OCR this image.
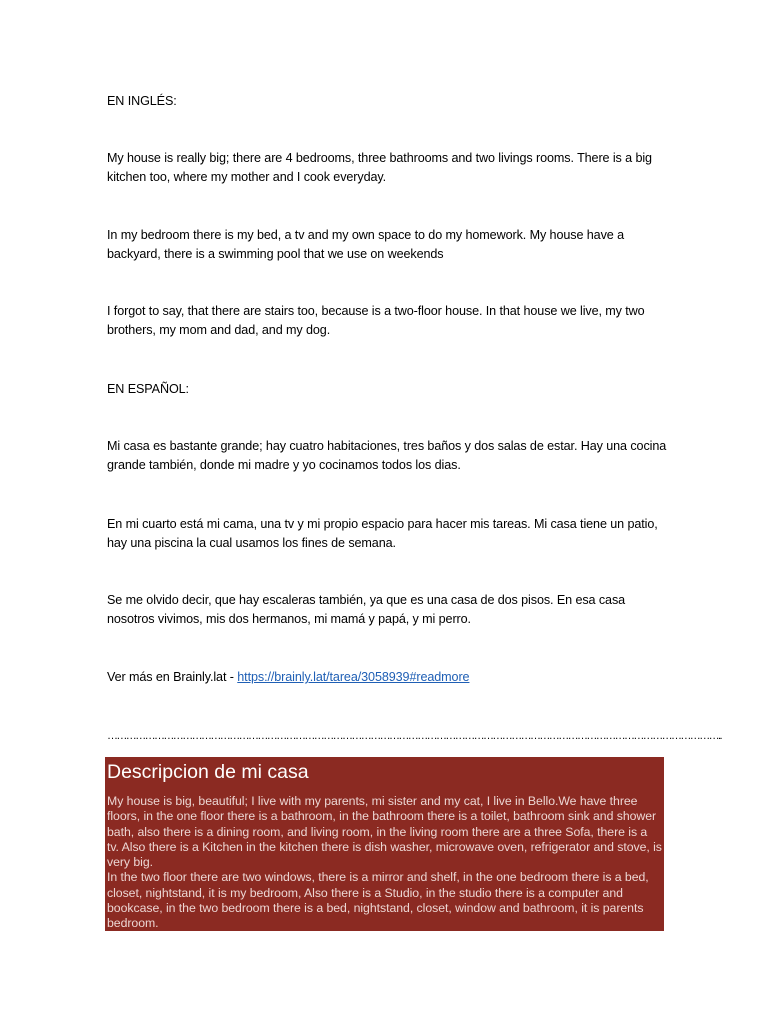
EN INGLÉS:

My house is really big; there are 4 bedrooms, three bathrooms and two livings rooms. There is a big kitchen too, where my mother and I cook everyday.

In my bedroom there is my bed, a tv and my own space to do my homework. My house have a backyard, there is a swimming pool that we use on weekends

I forgot to say, that there are stairs too, because is a two-floor house. In that house we live, my two brothers, my mom and dad, and my dog.

EN ESPAÑOL:

Mi casa es bastante grande; hay cuatro habitaciones, tres baños y dos salas de estar. Hay una cocina grande también, donde mi madre y yo cocinamos todos los dias.

En mi cuarto está mi cama, una tv y mi propio espacio para hacer mis tareas. Mi casa tiene un patio, hay una piscina la cual usamos los fines de semana.

Se me olvido decir, que hay escaleras también, ya que es una casa de dos pisos. En esa casa nosotros vivimos, mis dos hermanos, mi mamá y papá, y mi perro.

Ver más en Brainly.lat - https://brainly.lat/tarea/3058939#readmore

……………………………………………………………………………………………………………………………………………………………………………..
Descripcion de mi casa

My house is big, beautiful; I live with my parents, mi sister and my cat, I live in Bello.We have three floors, in the one floor there is a bathroom, in the bathroom there is a toilet, bathroom sink and shower bath, also there is a dining room, and living room, in the living room there are a three Sofa, there is a tv. Also there is a Kitchen in the kitchen there is dish washer, microwave oven, refrigerator and stove, is very big.

In the two floor there are two windows, there is a mirror and shelf, in the one bedroom there is a bed, closet, nightstand, it is my bedroom, Also there is a Studio, in the studio there is a computer and bookcase, in the two bedroom there is a bed, nightstand, closet, window and bathroom, it is parents bedroom.
